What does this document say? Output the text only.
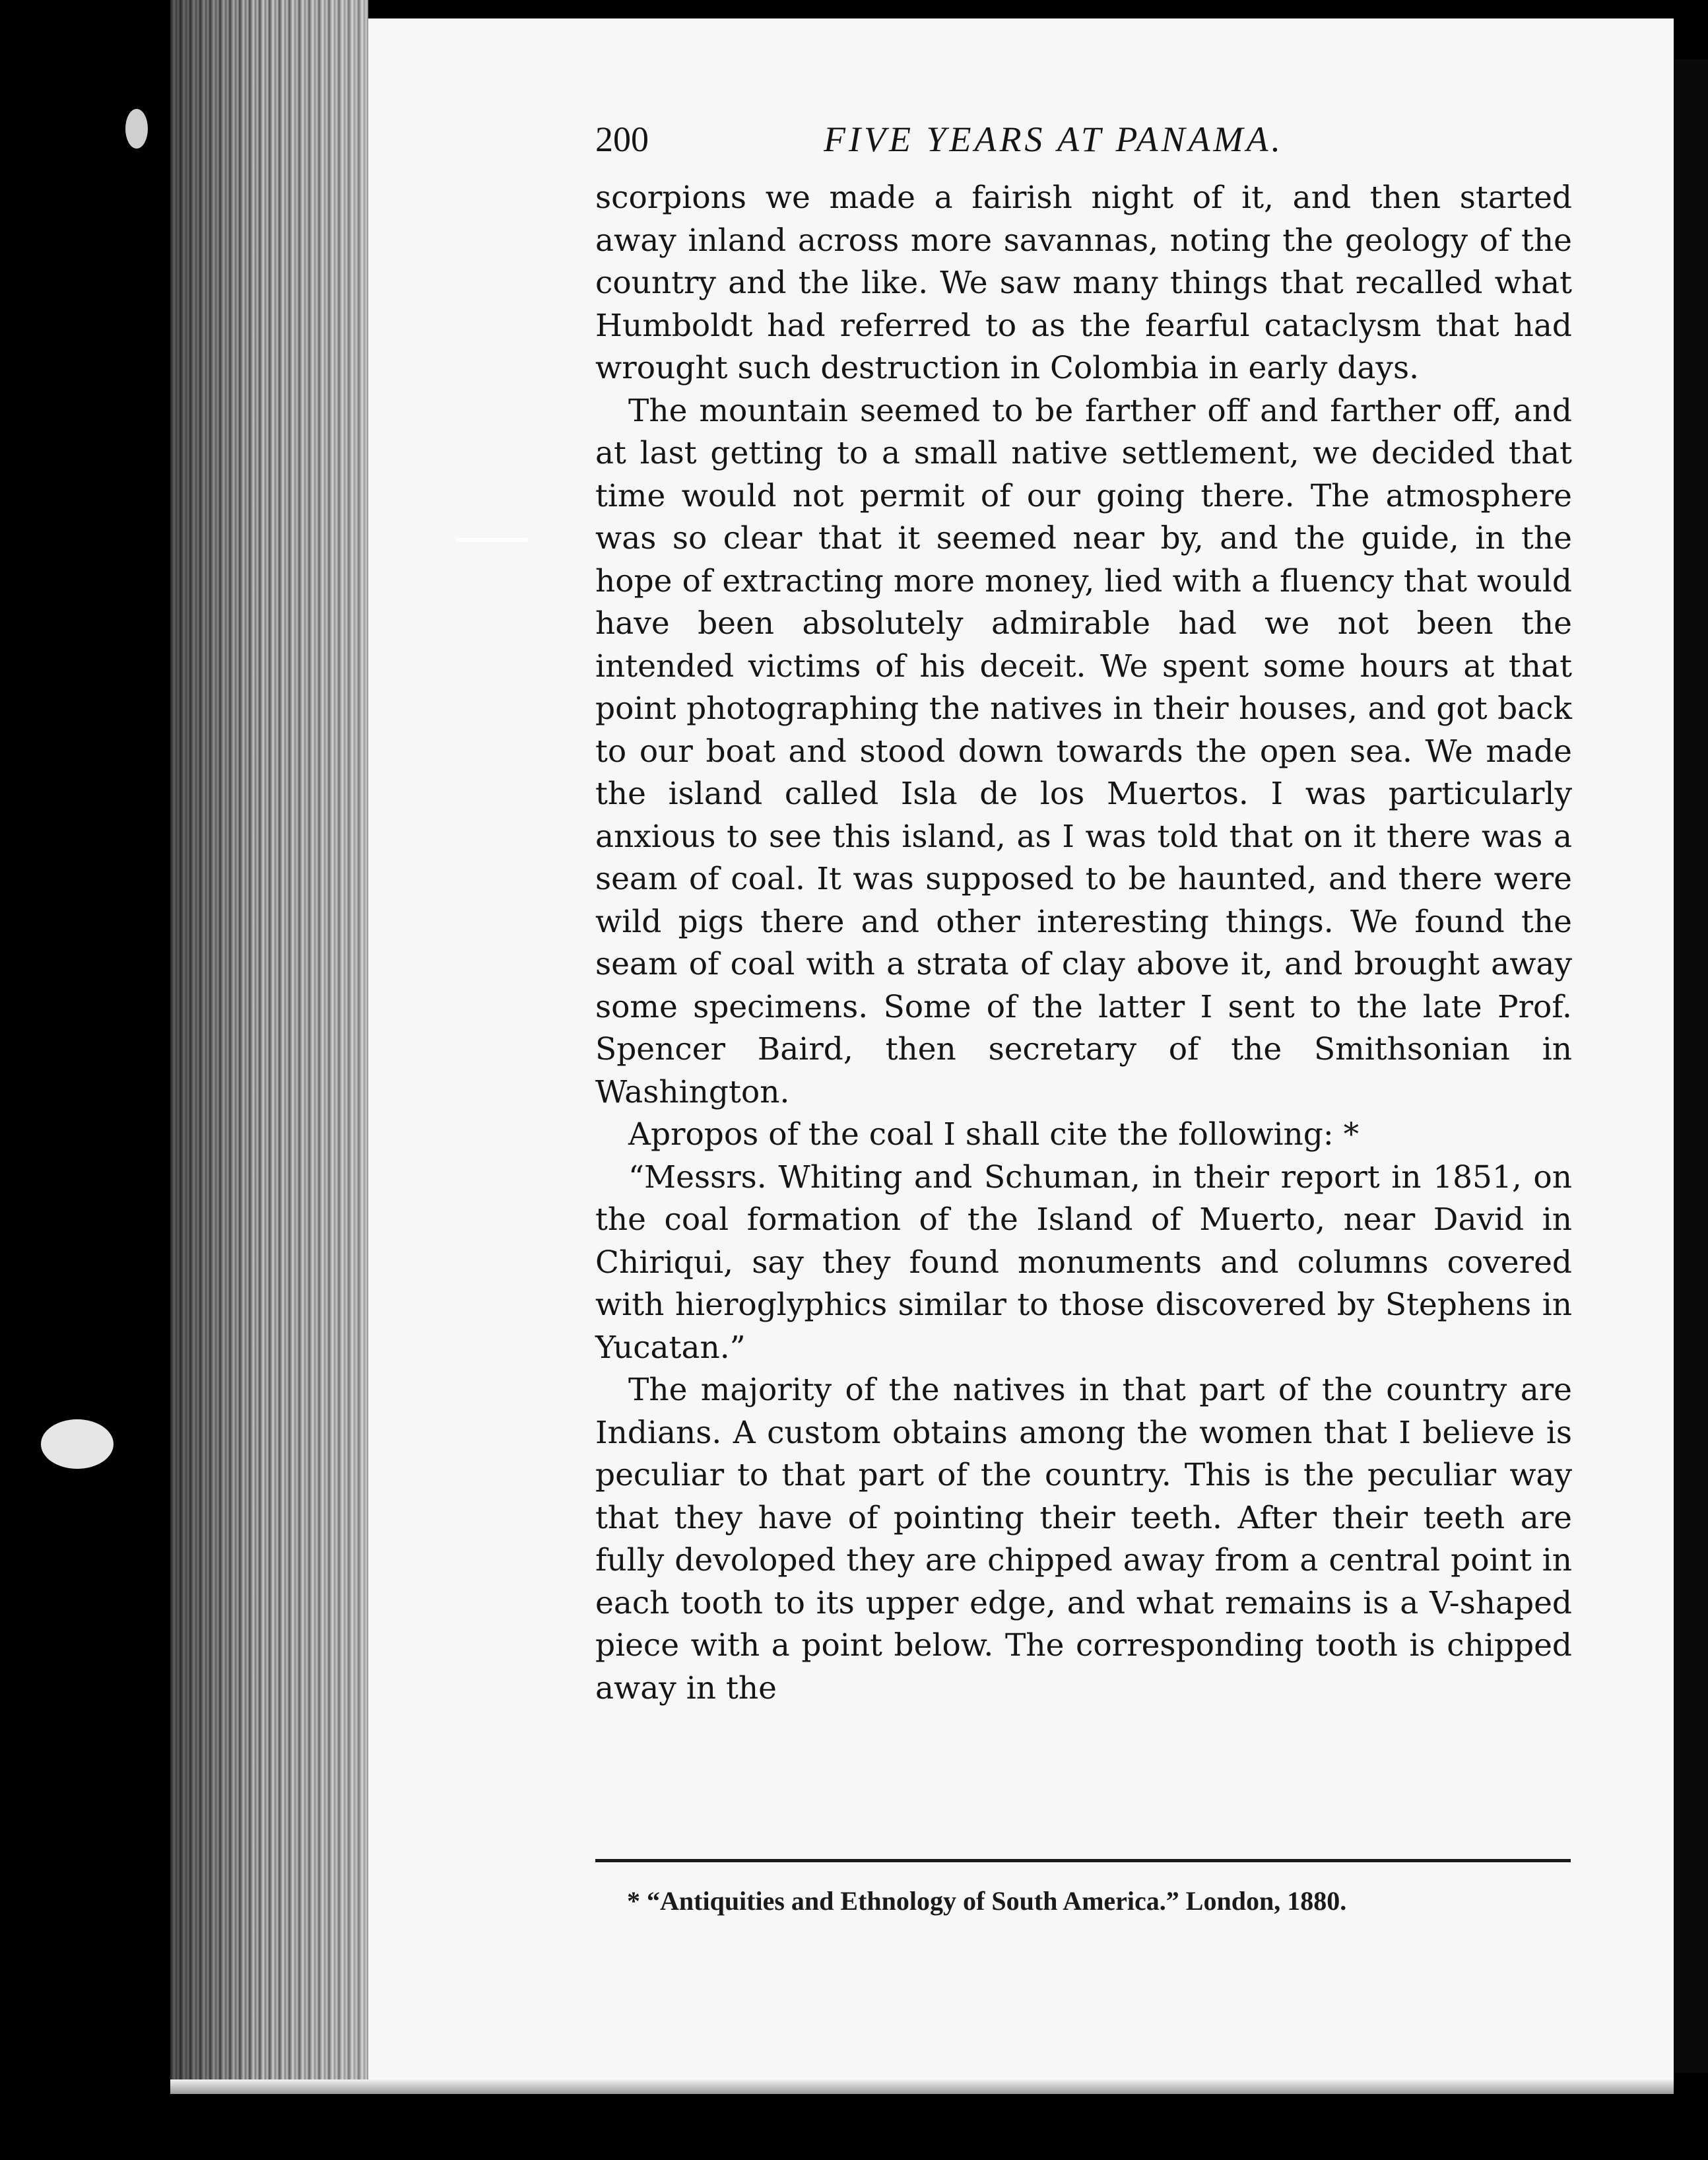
200	FIVE YEARS AT PANAMA.

scorpions we made a fairish night of it, and then started away inland across more savannas, noting the geology of the country and the like. We saw many things that recalled what Humboldt had referred to as the fearful cataclysm that had wrought such destruction in Colombia in early days.

The mountain seemed to be farther off and farther off, and at last getting to a small native settlement, we decided that time would not permit of our going there. The atmosphere was so clear that it seemed near by, and the guide, in the hope of extracting more money, lied with a fluency that would have been absolutely admirable had we not been the intended victims of his deceit. We spent some hours at that point photographing the natives in their houses, and got back to our boat and stood down towards the open sea. We made the island called Isla de los Muertos. I was particularly anxious to see this island, as I was told that on it there was a seam of coal. It was supposed to be haunted, and there were wild pigs there and other interesting things. We found the seam of coal with a strata of clay above it, and brought away some specimens. Some of the latter I sent to the late Prof. Spencer Baird, then secretary of the Smithsonian in Washington.

Apropos of the coal I shall cite the following: *

“Messrs. Whiting and Schuman, in their report in 1851, on the coal formation of the Island of Muerto, near David in Chiriqui, say they found monuments and columns covered with hieroglyphics similar to those discovered by Stephens in Yucatan.”

The majority of the natives in that part of the country are Indians. A custom obtains among the women that I believe is peculiar to that part of the country. This is the peculiar way that they have of pointing their teeth. After their teeth are fully devoloped they are chipped away from a central point in each tooth to its upper edge, and what remains is a V-shaped piece with a point below. The corresponding tooth is chipped away in the

* “Antiquities and Ethnology of South America.” London, 1880.
